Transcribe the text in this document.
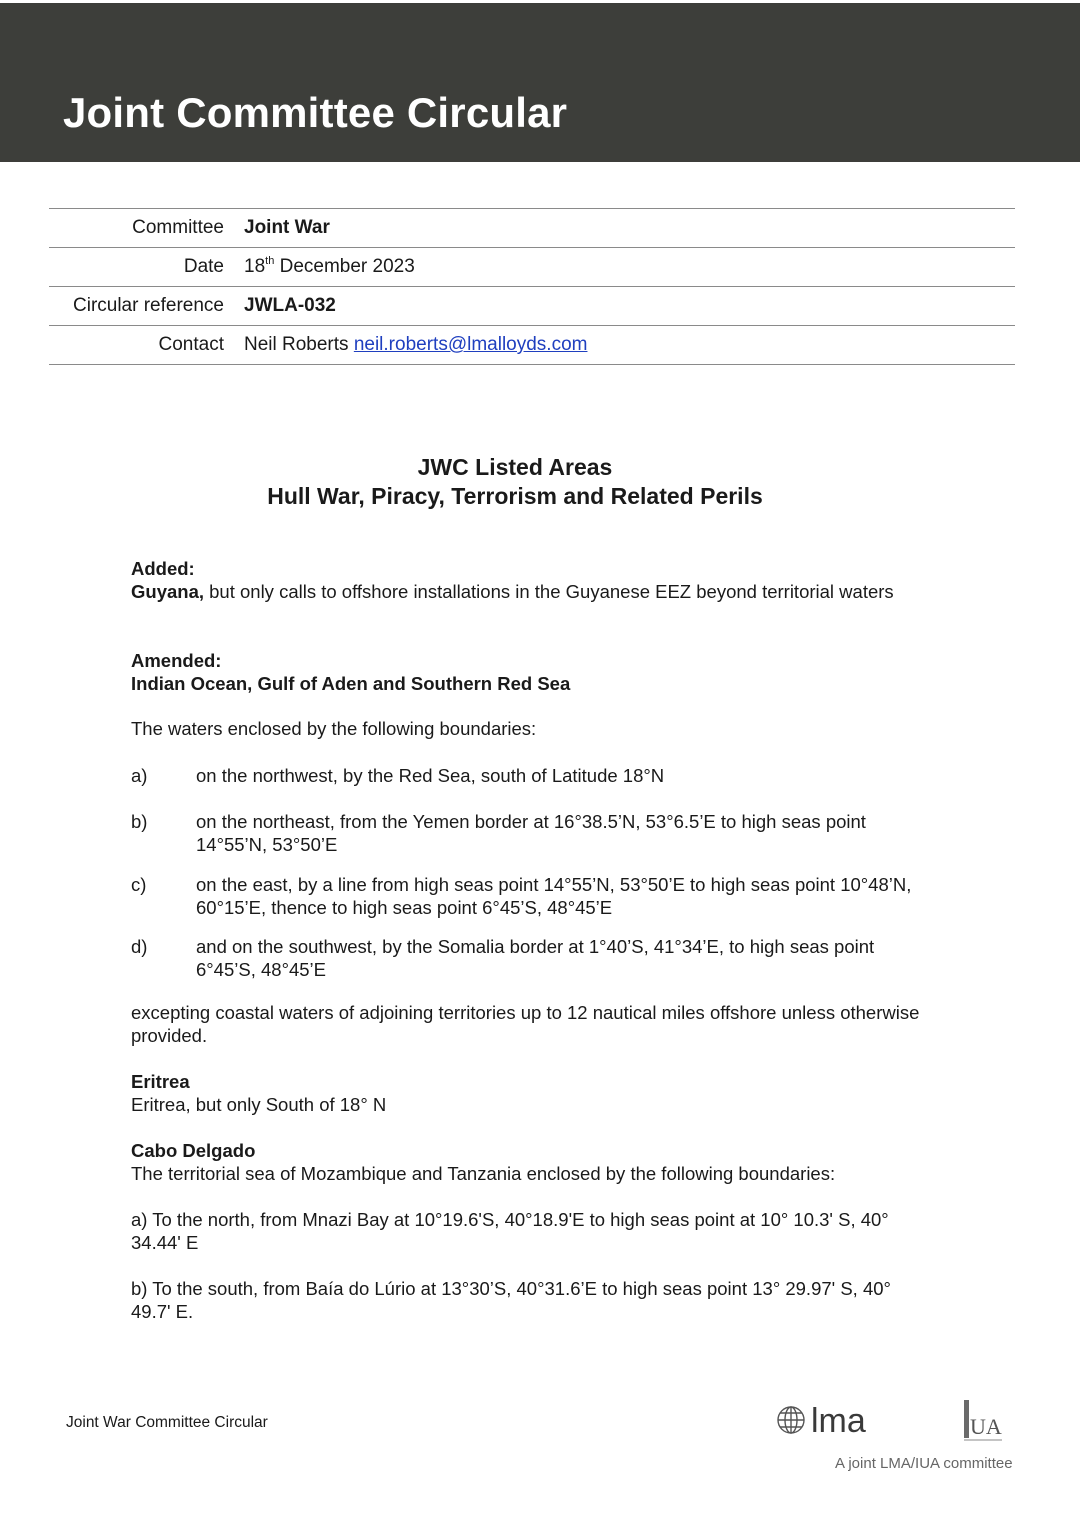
Joint Committee Circular
Committee	Joint War
Date	18th December 2023
Circular reference	JWLA-032
Contact	Neil Roberts neil.roberts@lmalloyds.com

JWC Listed Areas

Hull War, Piracy, Terrorism and Related Perils

Added:

Guyana, but only calls to offshore installations in the Guyanese EEZ beyond territorial waters

Amended:

Indian Ocean, Gulf of Aden and Southern Red Sea

The waters enclosed by the following boundaries:

a)	on the northwest, by the Red Sea, south of Latitude 18°N

b)	on the northeast, from the Yemen border at 16°38.5’N, 53°6.5’E to high seas point 14°55’N, 53°50’E

c)	on the east, by a line from high seas point 14°55’N, 53°50’E to high seas point 10°48’N, 60°15’E, thence to high seas point 6°45’S, 48°45’E

d)	and on the southwest, by the Somalia border at 1°40’S, 41°34’E, to high seas point 6°45’S, 48°45’E

excepting coastal waters of adjoining territories up to 12 nautical miles offshore unless otherwise provided.

Eritrea

Eritrea, but only South of 18° N

Cabo Delgado

The territorial sea of Mozambique and Tanzania enclosed by the following boundaries:

a) To the north, from Mnazi Bay at 10°19.6'S, 40°18.9'E to high seas point at 10° 10.3' S, 40° 34.44' E

b) To the south, from Baía do Lúrio at 13°30’S, 40°31.6’E to high seas point 13° 29.97' S, 40° 49.7' E.

Joint War Committee Circular	lma	UA
A joint LMA/IUA committee
